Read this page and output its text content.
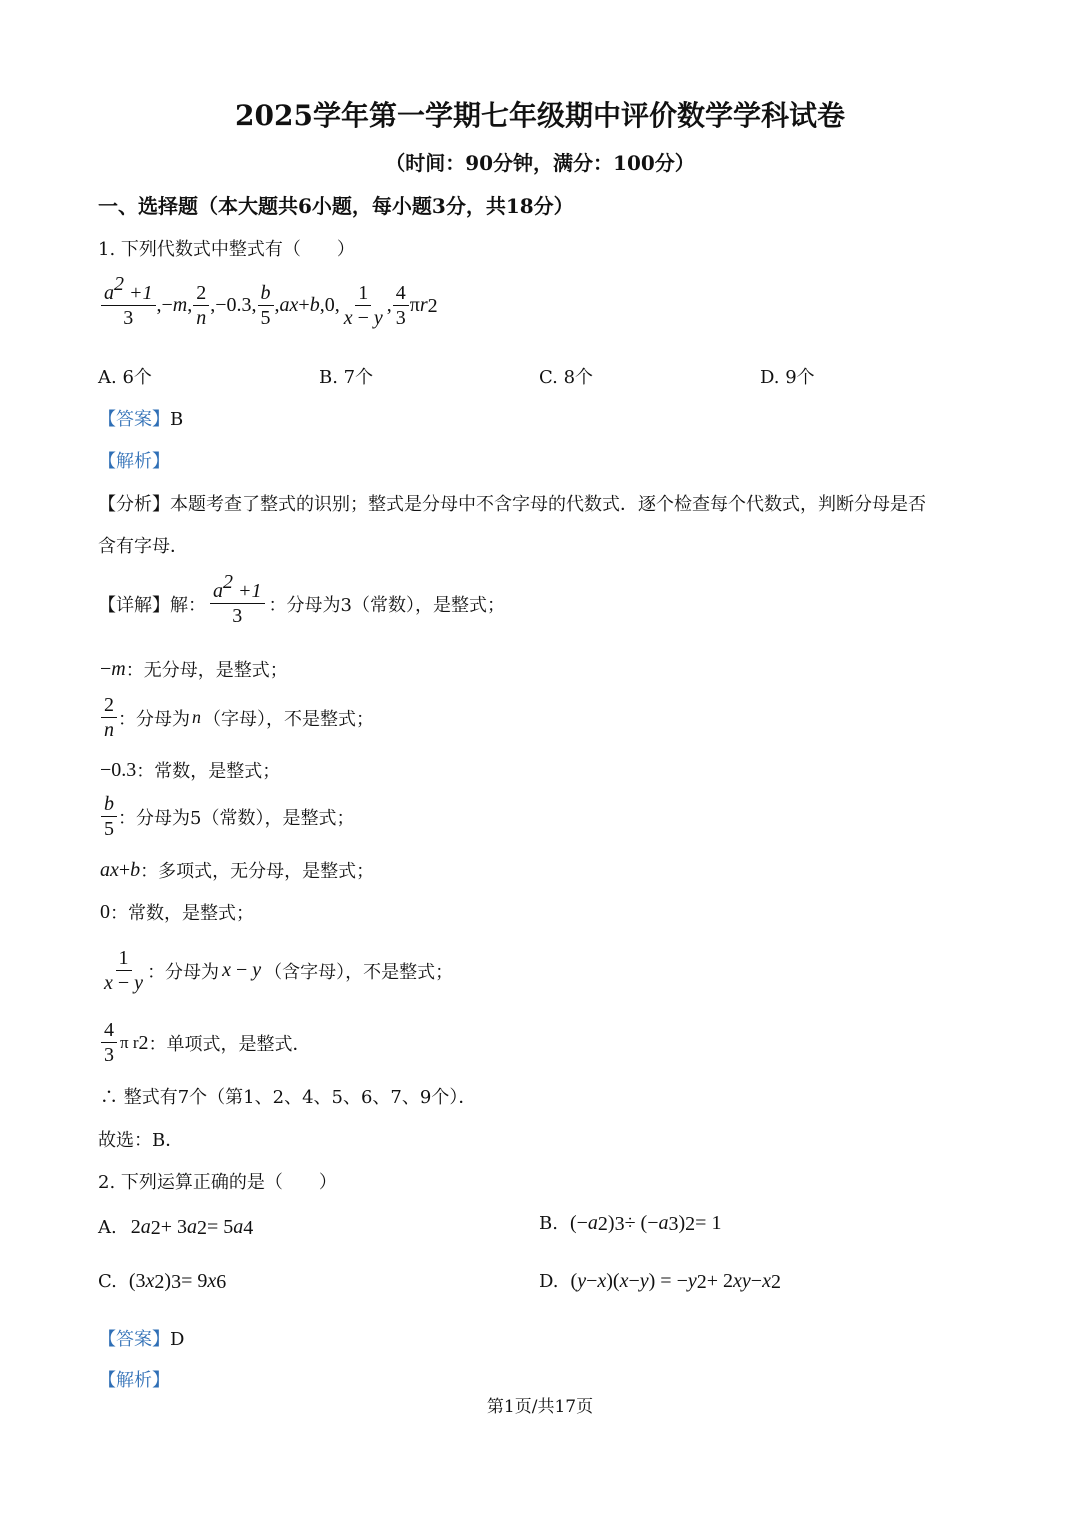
2025学年第一学期七年级期中评价数学学科试卷
（时间：90分钟，满分：100分）
一、选择题（本大题共6小题，每小题3分，共18分）
1. 下列代数式中整式有（　　）
$\frac{a^2 +1}{3}$ ,− m , $\frac{2}{n} ,-0.3$, $\frac{b}{5}$ , ax + b ,0, $\frac{1}{x - y}$ , $\frac{4}{3}$ π r 2
A. 6个	B. 7个	C. 8个	D. 9个
【答案】B
【解析】
【分析】本题考查了整式的识别；整式是分母中不含字母的代数式．逐个检查每个代数式，判断分母是否
含有字母．
【详解】解： $\frac{a^2 +1}{3}$ ：分母为3（常数），是整式；
− m ：无分母，是整式；
$\frac{2}{n}$ ：分母为 n （字母），不是整式；
−0.3 ：常数，是整式；
$\frac{b}{5}$ ：分母为5（常数），是整式；
ax + b ：多项式，无分母，是整式；
0 ：常数，是整式；
$\frac{1}{x - y}$ ：分母为 x − y （含字母），不是整式；
$\frac{4}{3}$ π r 2 ：单项式，是整式．
∴ 整式有7个（第1、2、4、5、6、7、9个）．
故选：B．
2. 下列运算正确的是（　　）
A. 2 a 2 + 3 a 2 = 5 a 4	B. (− a 2 ) 3 ÷ (− a 3 ) 2 = 1
C. (3 x 2 ) 3 = 9 x 6	D. ( y − x )( x − y ) = − y 2 + 2 xy − x 2
【答案】D
【解析】
第1页/共17页
